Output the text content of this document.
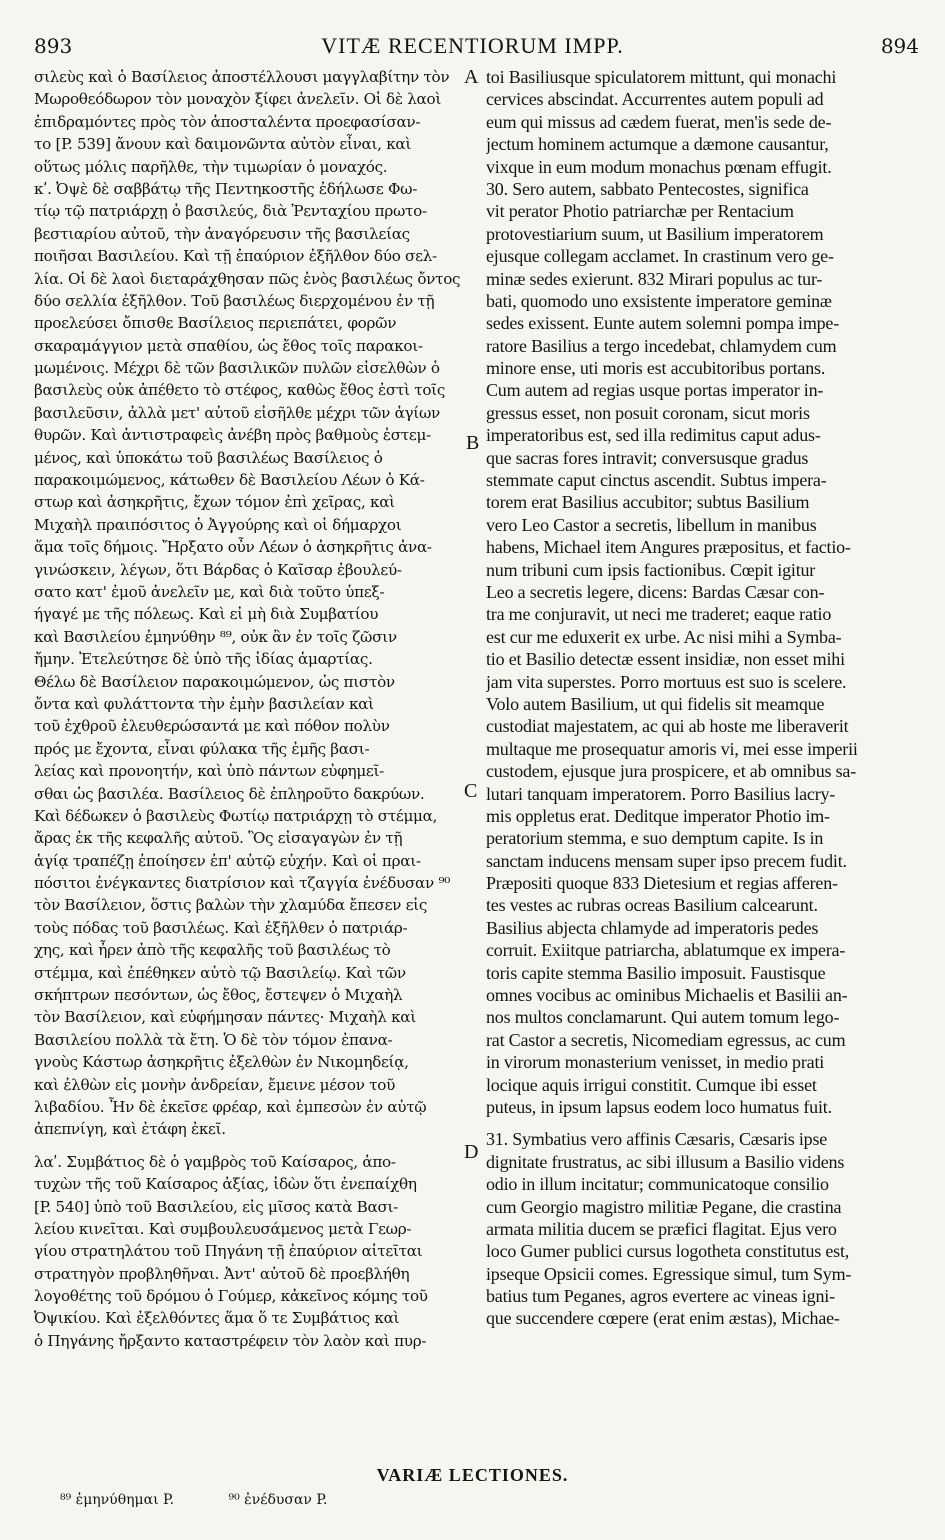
893	VITÆ RECENTIORUM IMPP.	894
σιλεὺς καὶ ὁ Βασίλειος ἀποστέλλουσι μαγγλαβίτην τὸν
Μωροθεόδωρον τὸν μοναχὸν ξίφει ἀνελεῖν. Οἱ δὲ λαοὶ
ἐπιδραμόντες πρὸς τὸν ἀποσταλέντα προεφασίσαν-
το [P. 539] ἄνουν καὶ δαιμονῶντα αὐτὸν εἶναι, καὶ
οὕτως μόλις παρῆλθε, τὴν τιμωρίαν ὁ μοναχός.
κʹ. Ὀψὲ δὲ σαββάτῳ τῆς Πεντηκοστῆς ἐδήλωσε Φω-
τίῳ τῷ πατριάρχῃ ὁ βασιλεύς, διὰ Ῥενταχίου πρωτο-
βεστιαρίου αὐτοῦ, τὴν ἀναγόρευσιν τῆς βασιλείας
ποιῆσαι Βασιλείου. Καὶ τῇ ἐπαύριον ἐξῆλθον δύο σελ-
λία. Οἱ δὲ λαοὶ διεταράχθησαν πῶς ἑνὸς βασιλέως ὄντος
δύο σελλία ἐξῆλθον. Τοῦ βασιλέως διερχομένου ἐν τῇ
προελεύσει ὄπισθε Βασίλειος περιεπάτει, φορῶν
σκαραμάγγιον μετὰ σπαθίου, ὡς ἔθος τοῖς παρακοι-
μωμένοις. Μέχρι δὲ τῶν βασιλικῶν πυλῶν εἰσελθὼν ὁ
βασιλεὺς οὐκ ἀπέθετο τὸ στέφος, καθὼς ἔθος ἐστὶ τοῖς
βασιλεῦσιν, ἀλλὰ μετ' αὐτοῦ εἰσῆλθε μέχρι τῶν ἁγίων
θυρῶν. Καὶ ἀντιστραφεὶς ἀνέβη πρὸς βαθμοὺς ἐστεμ-
μένος, καὶ ὑποκάτω τοῦ βασιλέως Βασίλειος ὁ
παρακοιμώμενος, κάτωθεν δὲ Βασιλείου Λέων ὁ Κά-
στωρ καὶ ἀσηκρῆτις, ἔχων τόμον ἐπὶ χεῖρας, καὶ
Μιχαὴλ πραιπόσιτος ὁ Ἀγγούρης καὶ οἱ δήμαρχοι
ἅμα τοῖς δήμοις. Ἤρξατο οὖν Λέων ὁ ἀσηκρῆτις ἀνα-
γινώσκειν, λέγων, ὅτι Βάρδας ὁ Καῖσαρ ἐβουλεύ-
σατο κατ' ἐμοῦ ἀνελεῖν με, καὶ διὰ τοῦτο ὑπεξ-
ήγαγέ με τῆς πόλεως. Καὶ εἰ μὴ διὰ Συμβατίου
καὶ Βασιλείου ἐμηνύθην ⁸⁹, οὐκ ἂν ἐν τοῖς ζῶσιν
ἤμην. Ἐτελεύτησε δὲ ὑπὸ τῆς ἰδίας ἁμαρτίας.
Θέλω δὲ Βασίλειον παρακοιμώμενον, ὡς πιστὸν
ὄντα καὶ φυλάττοντα τὴν ἐμὴν βασιλείαν καὶ
τοῦ ἐχθροῦ ἐλευθερώσαντά με καὶ πόθον πολὺν
πρός με ἔχοντα, εἶναι φύλακα τῆς ἐμῆς βασι-
λείας καὶ προνοητήν, καὶ ὑπὸ πάντων εὐφημεῖ-
σθαι ὡς βασιλέα. Βασίλειος δὲ ἐπληροῦτο δακρύων.
Καὶ δέδωκεν ὁ βασιλεὺς Φωτίῳ πατριάρχῃ τὸ στέμμα,
ἄρας ἐκ τῆς κεφαλῆς αὐτοῦ. Ὃς εἰσαγαγὼν ἐν τῇ
ἁγίᾳ τραπέζῃ ἐποίησεν ἐπ' αὐτῷ εὐχήν. Καὶ οἱ πραι-
πόσιτοι ἐνέγκαντες διατρίσιον καὶ τζαγγία ἐνέδυσαν ⁹⁰
τὸν Βασίλειον, ὅστις βαλὼν τὴν χλαμύδα ἔπεσεν εἰς
τοὺς πόδας τοῦ βασιλέως. Καὶ ἐξῆλθεν ὁ πατριάρ-
χης, καὶ ἦρεν ἀπὸ τῆς κεφαλῆς τοῦ βασιλέως τὸ
στέμμα, καὶ ἐπέθηκεν αὐτὸ τῷ Βασιλείῳ. Καὶ τῶν
σκήπτρων πεσόντων, ὡς ἔθος, ἔστεψεν ὁ Μιχαὴλ
τὸν Βασίλειον, καὶ εὐφήμησαν πάντες· Μιχαὴλ καὶ
Βασιλείου πολλὰ τὰ ἔτη. Ὁ δὲ τὸν τόμον ἐπανα-
γνοὺς Κάστωρ ἀσηκρῆτις ἐξελθὼν ἐν Νικομηδείᾳ,
καὶ ἐλθὼν εἰς μονὴν ἀνδρείαν, ἔμεινε μέσον τοῦ
λιβαδίου. Ἦν δὲ ἐκεῖσε φρέαρ, καὶ ἐμπεσὼν ἐν αὐτῷ
ἀπεπνίγη, καὶ ἐτάφη ἐκεῖ.
λαʹ. Συμβάτιος δὲ ὁ γαμβρὸς τοῦ Καίσαρος, ἀπο-
τυχὼν τῆς τοῦ Καίσαρος ἀξίας, ἰδὼν ὅτι ἐνεπαίχθη
[P. 540] ὑπὸ τοῦ Βασιλείου, εἰς μῖσος κατὰ Βασι-
λείου κινεῖται. Καὶ συμβουλευσάμενος μετὰ Γεωρ-
γίου στρατηλάτου τοῦ Πηγάνη τῇ ἐπαύριον αἰτεῖται
στρατηγὸν προβληθῆναι. Ἀντ' αὐτοῦ δὲ προεβλήθη
λογοθέτης τοῦ δρόμου ὁ Γούμερ, κἀκεῖνος κόμης τοῦ
Ὀψικίου. Καὶ ἐξελθόντες ἅμα ὅ τε Συμβάτιος καὶ
ὁ Πηγάνης ἤρξαντο καταστρέφειν τὸν λαὸν καὶ πυρ-
A
B
C
D
toi Basiliusque spiculatorem mittunt, qui monachi
cervices abscindat. Accurrentes autem populi ad
eum qui missus ad cædem fuerat, men'is sede de-
jectum hominem actumque a dæmone causantur,
vixque in eum modum monachus pœnam effugit.
30. Sero autem, sabbato Pentecostes, significa
vit perator Photio patriarchæ per Rentacium
protovestiarium suum, ut Basilium imperatorem
ejusque collegam acclamet. In crastinum vero ge-
minæ sedes exierunt. 832 Mirari populus ac tur-
bati, quomodo uno exsistente imperatore geminæ
sedes exissent. Eunte autem solemni pompa impe-
ratore Basilius a tergo incedebat, chlamydem cum
minore ense, uti moris est accubitoribus portans.
Cum autem ad regias usque portas imperator in-
gressus esset, non posuit coronam, sicut moris
imperatoribus est, sed illa redimitus caput adus-
que sacras fores intravit; conversusque gradus
stemmate caput cinctus ascendit. Subtus impera-
torem erat Basilius accubitor; subtus Basilium
vero Leo Castor a secretis, libellum in manibus
habens, Michael item Angures præpositus, et factio-
num tribuni cum ipsis factionibus. Cœpit igitur
Leo a secretis legere, dicens: Bardas Cæsar con-
tra me conjuravit, ut neci me traderet; eaque ratio
est cur me eduxerit ex urbe. Ac nisi mihi a Symba-
tio et Basilio detectæ essent insidiæ, non esset mihi
jam vita superstes. Porro mortuus est suo is scelere.
Volo autem Basilium, ut qui fidelis sit meamque
custodiat majestatem, ac qui ab hoste me liberaverit
multaque me prosequatur amoris vi, mei esse imperii
custodem, ejusque jura prospicere, et ab omnibus sa-
lutari tanquam imperatorem. Porro Basilius lacry-
mis oppletus erat. Deditque imperator Photio im-
peratorium stemma, e suo demptum capite. Is in
sanctam inducens mensam super ipso precem fudit.
Præpositi quoque 833 Dietesium et regias afferen-
tes vestes ac rubras ocreas Basilium calcearunt.
Basilius abjecta chlamyde ad imperatoris pedes
corruit. Exiitque patriarcha, ablatumque ex impera-
toris capite stemma Basilio imposuit. Faustisque
omnes vocibus ac ominibus Michaelis et Basilii an-
nos multos conclamarunt. Qui autem tomum lego-
rat Castor a secretis, Nicomediam egressus, ac cum
in virorum monasterium venisset, in medio prati
locique aquis irrigui constitit. Cumque ibi esset
puteus, in ipsum lapsus eodem loco humatus fuit.
31. Symbatius vero affinis Cæsaris, Cæsaris ipse
dignitate frustratus, ac sibi illusum a Basilio videns
odio in illum incitatur; communicatoque consilio
cum Georgio magistro militiæ Pegane, die crastina
armata militia ducem se præfici flagitat. Ejus vero
loco Gumer publici cursus logotheta constitutus est,
ipseque Opsicii comes. Egressique simul, tum Sym-
batius tum Peganes, agros evertere ac vineas igni-
que succendere cœpere (erat enim æstas), Michae-
VARIÆ LECTIONES.
⁸⁹ ἐμηνύθημαι P.	⁹⁰ ἐνέδυσαν P.
